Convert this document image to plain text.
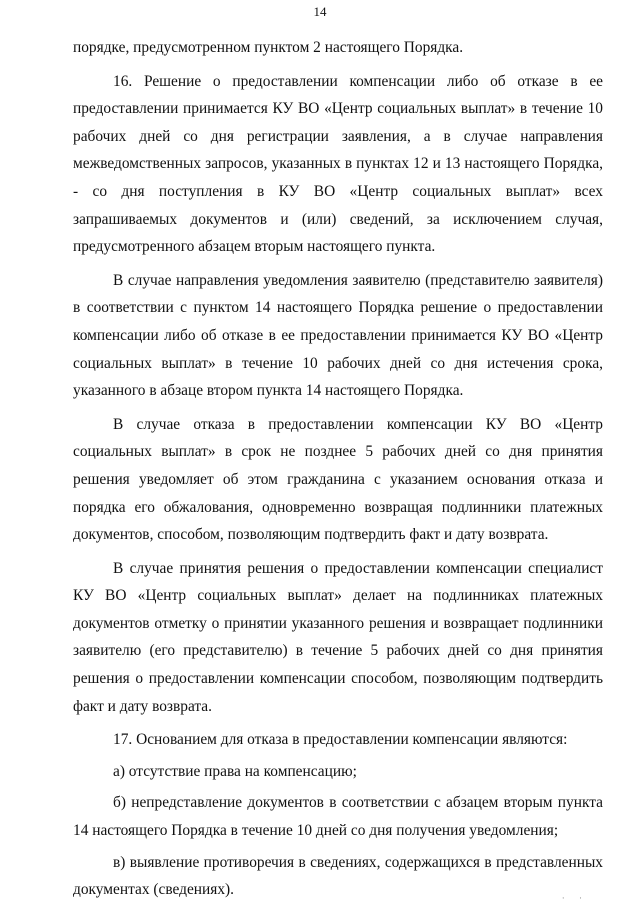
14

порядке, предусмотренном пунктом 2 настоящего Порядка.

16. Решение о предоставлении компенсации либо об отказе в ее предоставлении принимается КУ ВО «Центр социальных выплат» в течение 10 рабочих дней со дня регистрации заявления, а в случае направления межведомственных запросов, указанных в пунктах 12 и 13 настоящего Порядка, - со дня поступления в КУ ВО «Центр социальных выплат» всех запрашиваемых документов и (или) сведений, за исключением случая, предусмотренного абзацем вторым настоящего пункта.

В случае направления уведомления заявителю (представителю заявителя) в соответствии с пунктом 14 настоящего Порядка решение о предоставлении компенсации либо об отказе в ее предоставлении принимается КУ ВО «Центр социальных выплат» в течение 10 рабочих дней со дня истечения срока, указанного в абзаце втором пункта 14 настоящего Порядка.

В случае отказа в предоставлении компенсации КУ ВО «Центр социальных выплат» в срок не позднее 5 рабочих дней со дня принятия решения уведомляет об этом гражданина с указанием основания отказа и порядка его обжалования, одновременно возвращая подлинники платежных документов, способом, позволяющим подтвердить факт и дату возврата.

В случае принятия решения о предоставлении компенсации специалист КУ ВО «Центр социальных выплат» делает на подлинниках платежных документов отметку о принятии указанного решения и возвращает подлинники заявителю (его представителю) в течение 5 рабочих дней со дня принятия решения о предоставлении компенсации способом, позволяющим подтвердить факт и дату возврата.

17. Основанием для отказа в предоставлении компенсации являются:

а) отсутствие права на компенсацию;

б) непредставление документов в соответствии с абзацем вторым пункта 14 настоящего Порядка в течение 10 дней со дня получения уведомления;

в) выявление противоречия в сведениях, содержащихся в представленных документах (сведениях).	· ·
